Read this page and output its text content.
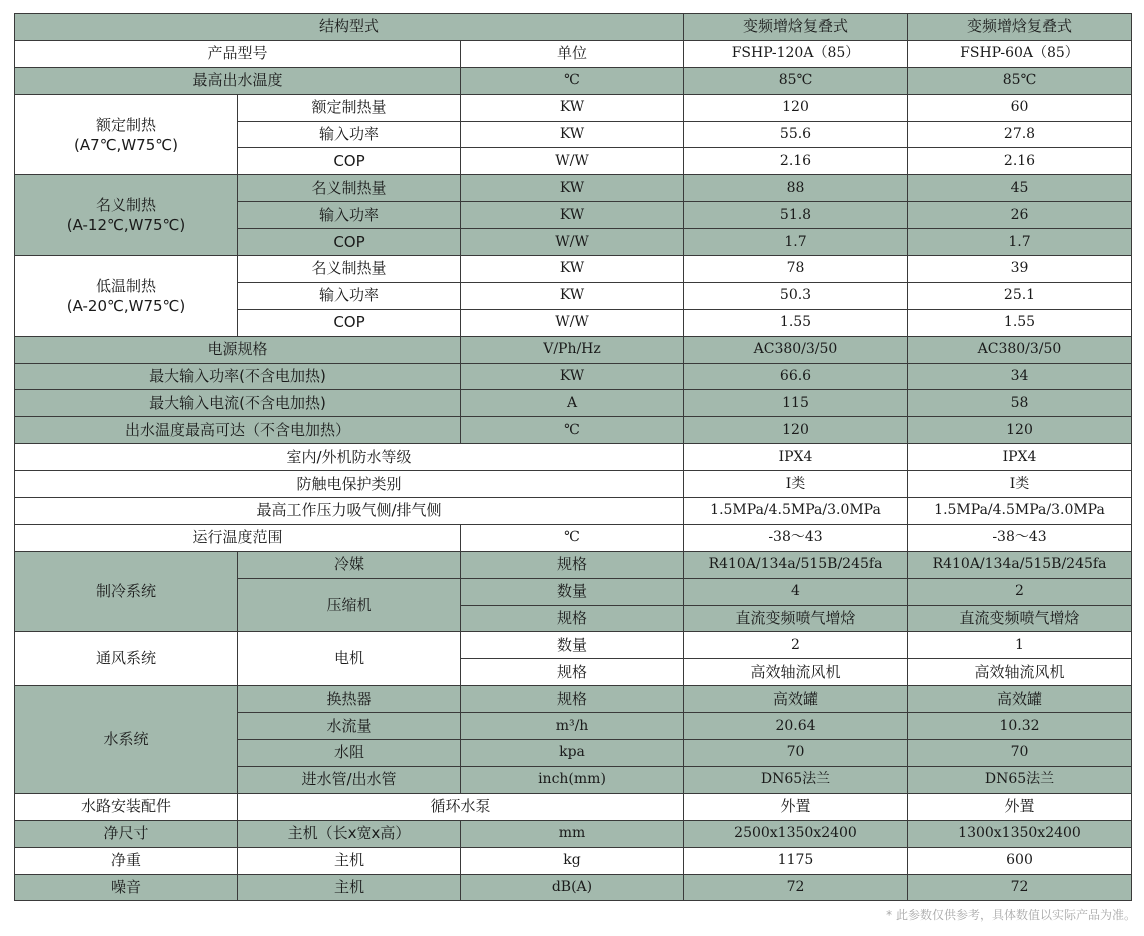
结构型式			变频增焓复叠式	变频增焓复叠式
产品型号		单位	FSHP-120A（85）	FSHP-60A（85）
最高出水温度		℃	85℃	85℃

额定制热
(A7℃,W75℃)	额定制热量	KW	120	60
	输入功率	KW	55.6	27.8
	COP	W/W	2.16	2.16

名义制热
(A-12℃,W75℃)	名义制热量	KW	88	45
	输入功率	KW	51.8	26
	COP	W/W	1.7	1.7

低温制热
(A-20℃,W75℃)	名义制热量	KW	78	39
	输入功率	KW	50.3	25.1
	COP	W/W	1.55	1.55
电源规格		V/Ph/Hz	AC380/3/50	AC380/3/50
最大输入功率(不含电加热)		KW	66.6	34
最大输入电流(不含电加热)		A	115	58
出水温度最高可达（不含电加热）		℃	120	120
室内/外机防水等级			IPX4	IPX4
防触电保护类别			I类	I类
最高工作压力吸气侧/排气侧			1.5MPa/4.5MPa/3.0MPa	1.5MPa/4.5MPa/3.0MPa
运行温度范围		℃	-38～43	-38～43
制冷系统	冷媒	规格	R410A/134a/515B/245fa	R410A/134a/515B/245fa
	压缩机	数量	4	2
		规格	直流变频喷气增焓	直流变频喷气增焓
通风系统	电机	数量	2	1
		规格	高效轴流风机	高效轴流风机
水系统	换热器	规格	高效罐	高效罐
	水流量	m³/h	20.64	10.32
	水阻	kpa	70	70
	进水管/出水管	inch(mm)	DN65法兰	DN65法兰
水路安装配件	循环水泵		外置	外置
净尺寸	主机（长x宽x高）	mm	2500x1350x2400	1300x1350x2400
净重	主机	kg	1175	600
噪音	主机	dB(A)	72	72
* 此参数仅供参考，具体数值以实际产品为准。
